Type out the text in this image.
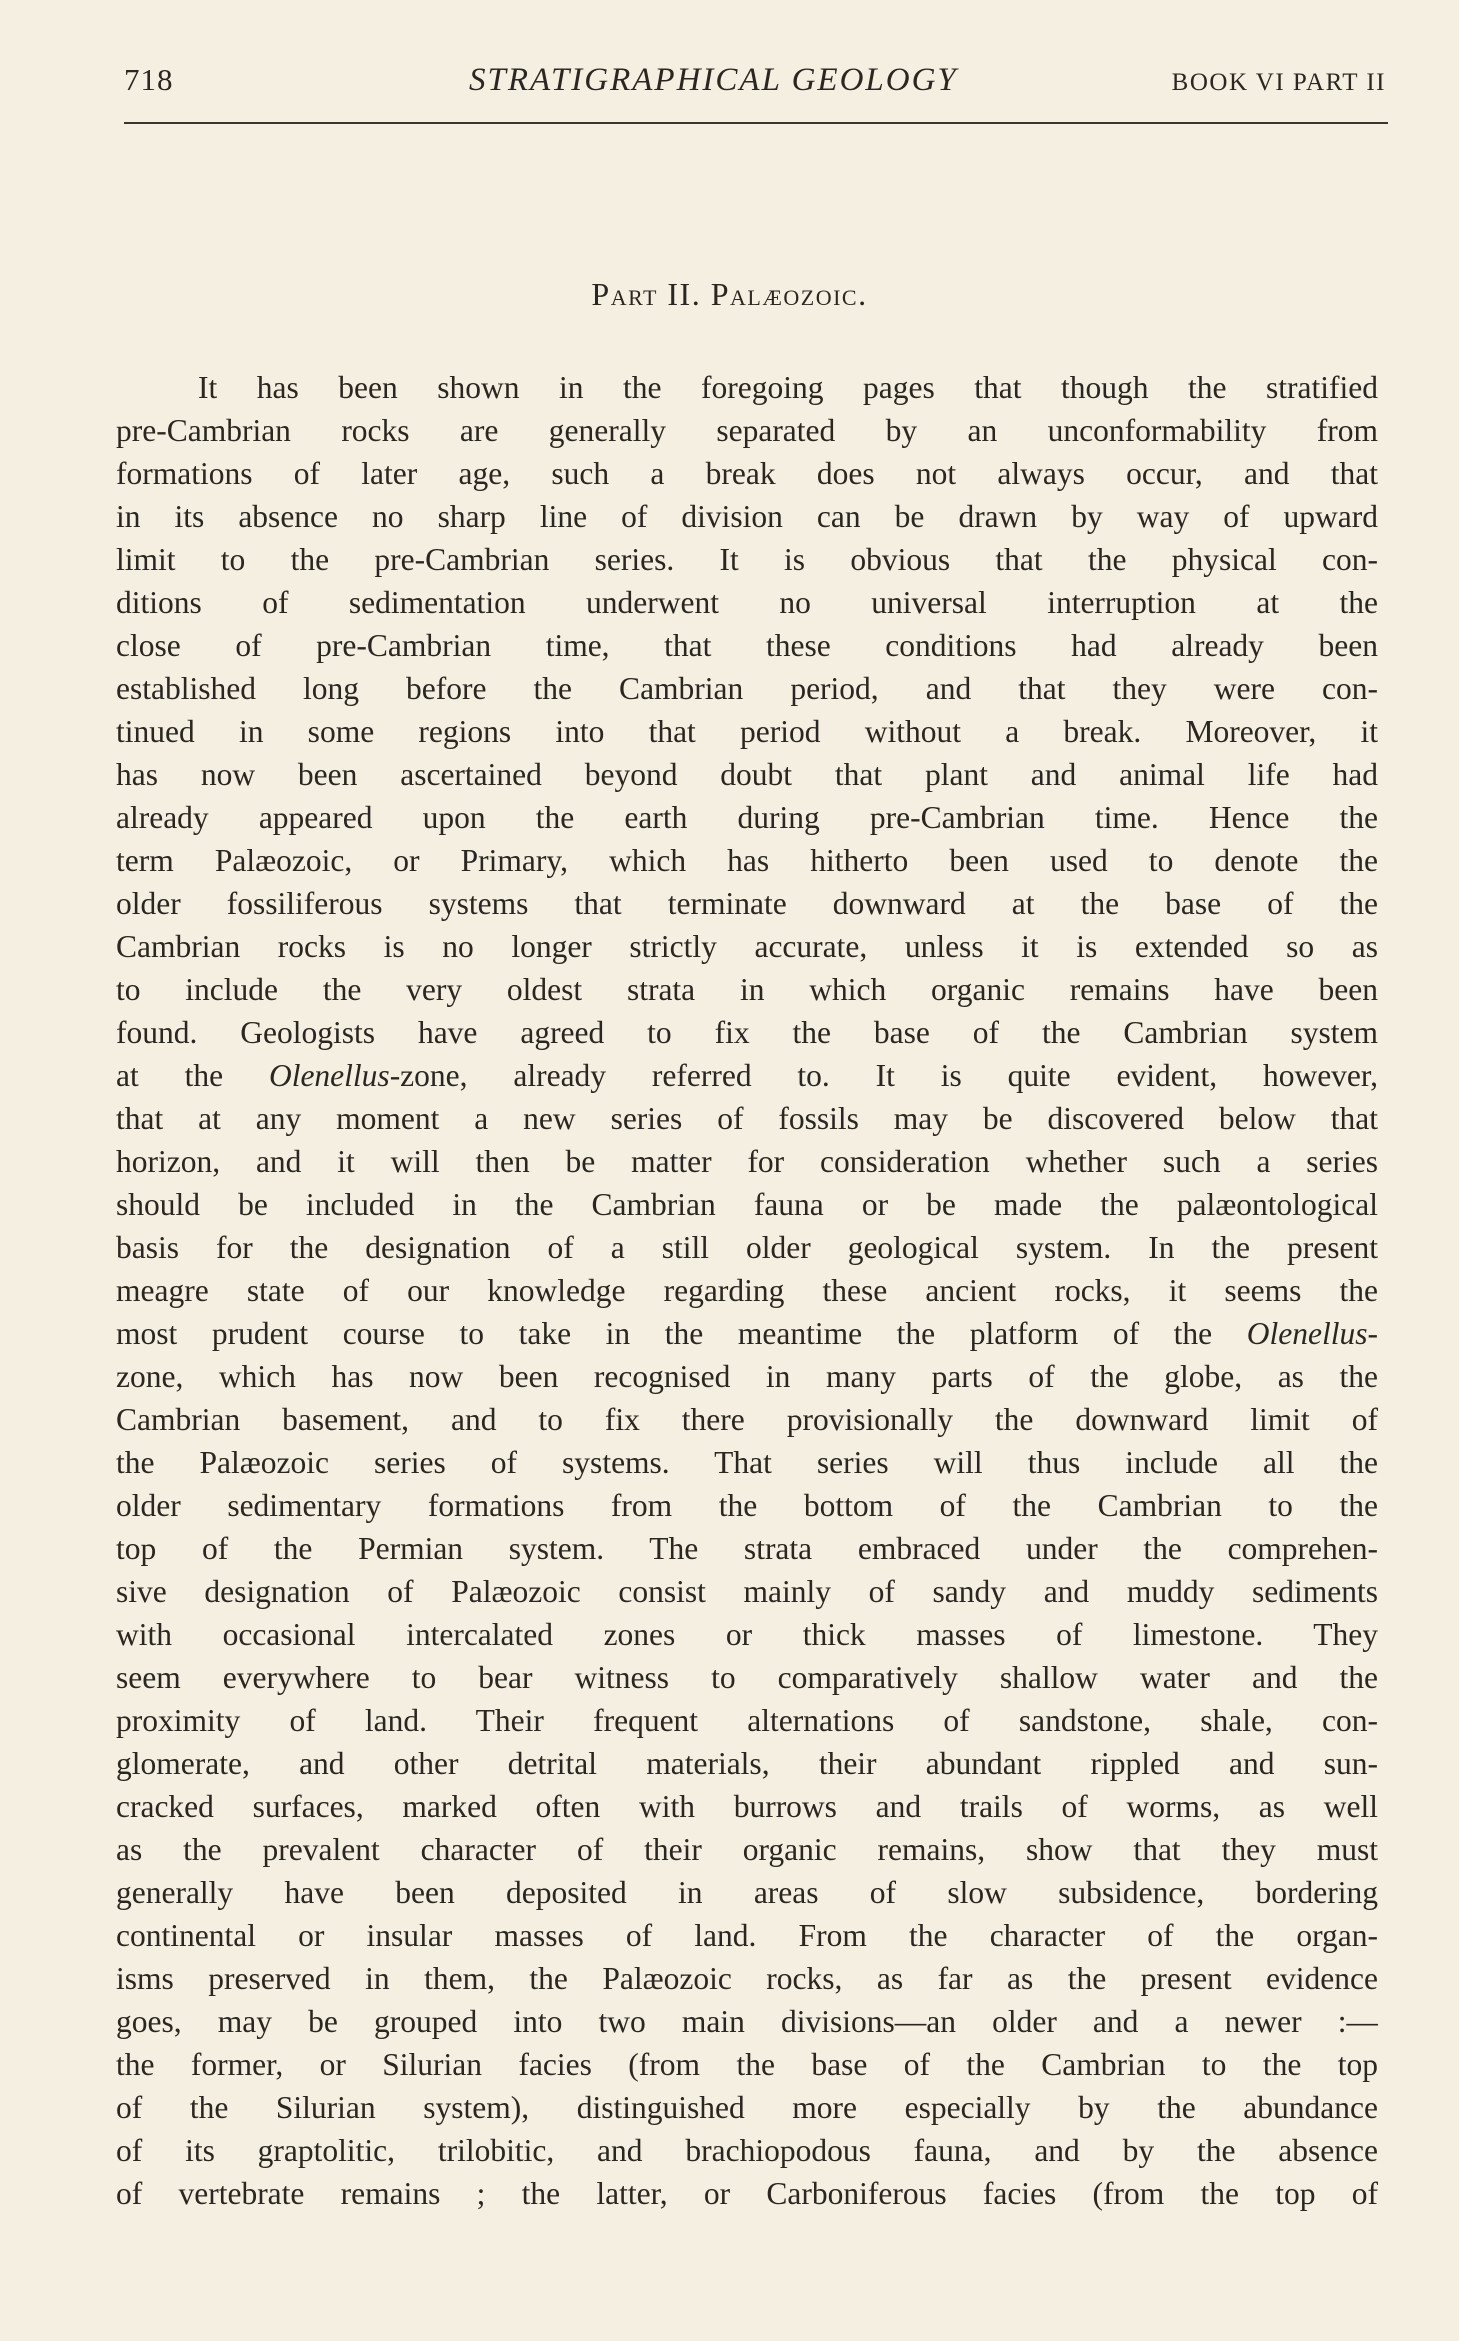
718	STRATIGRAPHICAL GEOLOGY	BOOK VI PART II
Part II. Palæozoic.
It has been shown in the foregoing pages that though the stratified
pre-Cambrian rocks are generally separated by an unconformability from
formations of later age, such a break does not always occur, and that
in its absence no sharp line of division can be drawn by way of upward
limit to the pre-Cambrian series. It is obvious that the physical con-
ditions of sedimentation underwent no universal interruption at the
close of pre-Cambrian time, that these conditions had already been
established long before the Cambrian period, and that they were con-
tinued in some regions into that period without a break. Moreover, it
has now been ascertained beyond doubt that plant and animal life had
already appeared upon the earth during pre-Cambrian time. Hence the
term Palæozoic, or Primary, which has hitherto been used to denote the
older fossiliferous systems that terminate downward at the base of the
Cambrian rocks is no longer strictly accurate, unless it is extended so as
to include the very oldest strata in which organic remains have been
found. Geologists have agreed to fix the base of the Cambrian system
at the Olenellus-zone, already referred to. It is quite evident, however,
that at any moment a new series of fossils may be discovered below that
horizon, and it will then be matter for consideration whether such a series
should be included in the Cambrian fauna or be made the palæontological
basis for the designation of a still older geological system. In the present
meagre state of our knowledge regarding these ancient rocks, it seems the
most prudent course to take in the meantime the platform of the Olenellus-
zone, which has now been recognised in many parts of the globe, as the
Cambrian basement, and to fix there provisionally the downward limit of
the Palæozoic series of systems. That series will thus include all the
older sedimentary formations from the bottom of the Cambrian to the
top of the Permian system. The strata embraced under the comprehen-
sive designation of Palæozoic consist mainly of sandy and muddy sediments
with occasional intercalated zones or thick masses of limestone. They
seem everywhere to bear witness to comparatively shallow water and the
proximity of land. Their frequent alternations of sandstone, shale, con-
glomerate, and other detrital materials, their abundant rippled and sun-
cracked surfaces, marked often with burrows and trails of worms, as well
as the prevalent character of their organic remains, show that they must
generally have been deposited in areas of slow subsidence, bordering
continental or insular masses of land. From the character of the organ-
isms preserved in them, the Palæozoic rocks, as far as the present evidence
goes, may be grouped into two main divisions—an older and a newer :—
the former, or Silurian facies (from the base of the Cambrian to the top
of the Silurian system), distinguished more especially by the abundance
of its graptolitic, trilobitic, and brachiopodous fauna, and by the absence
of vertebrate remains ; the latter, or Carboniferous facies (from the top of
